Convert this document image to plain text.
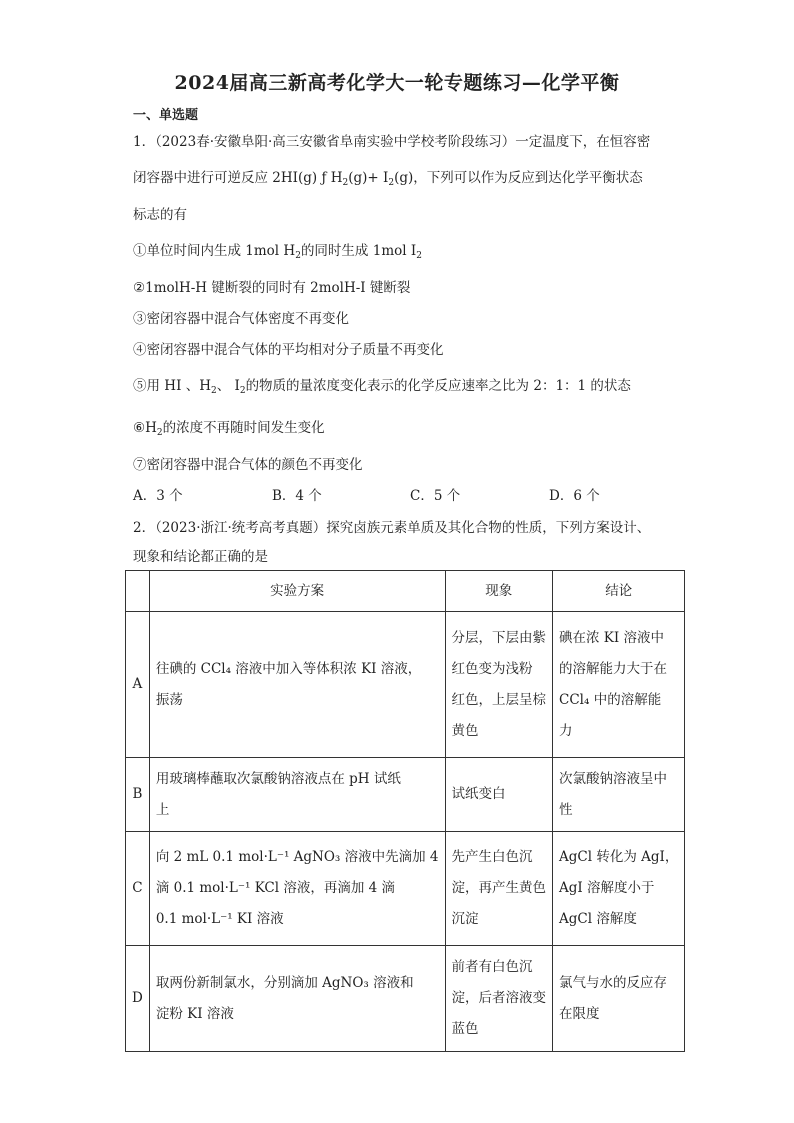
2024届高三新高考化学大一轮专题练习—化学平衡
一、单选题
1．（2023春·安徽阜阳·高三安徽省阜南实验中学校考阶段练习）一定温度下，在恒容密
闭容器中进行可逆反应 2HI(g) ƒ $H_2(g)+ I_2(g)$，下列可以作为反应到达化学平衡状态
标志的有
①单位时间内生成 1mol $H_2$的同时生成 1mol $I_2$
②1molH-H 键断裂的同时有 2molH-I 键断裂
③密闭容器中混合气体密度不再变化
④密闭容器中混合气体的平均相对分子质量不再变化
⑤用 HI 、$H_2$、 $I_2$的物质的量浓度变化表示的化学反应速率之比为 2：1：1 的状态
$⑥H_2$的浓度不再随时间发生变化
⑦密闭容器中混合气体的颜色不再变化
A．3 个	B．4 个	C．5 个	D．6 个
2．（2023·浙江·统考高考真题）探究卤族元素单质及其化合物的性质，下列方案设计、
现象和结论都正确的是
	实验方案	现象	结论
A	往碘的 CCl₄ 溶液中加入等体积浓 KI 溶液，
振荡	分层，下层由紫
红色变为浅粉
红色，上层呈棕
黄色	碘在浓 KI 溶液中
的溶解能力大于在
CCl₄ 中的溶解能
力

B	用玻璃棒蘸取次氯酸钠溶液点在 pH 试纸
上	试纸变白	次氯酸钠溶液呈中
性

C	向 2 mL 0.1 mol·L⁻¹ AgNO₃ 溶液中先滴加 4
滴 0.1 mol·L⁻¹ KCl 溶液，再滴加 4 滴
0.1 mol·L⁻¹ KI 溶液	先产生白色沉
淀，再产生黄色
沉淀	AgCl 转化为 AgI，
AgI 溶解度小于
AgCl 溶解度

D	取两份新制氯水，分别滴加 AgNO₃ 溶液和
淀粉 KI 溶液	前者有白色沉
淀，后者溶液变
蓝色	氯气与水的反应存
在限度
